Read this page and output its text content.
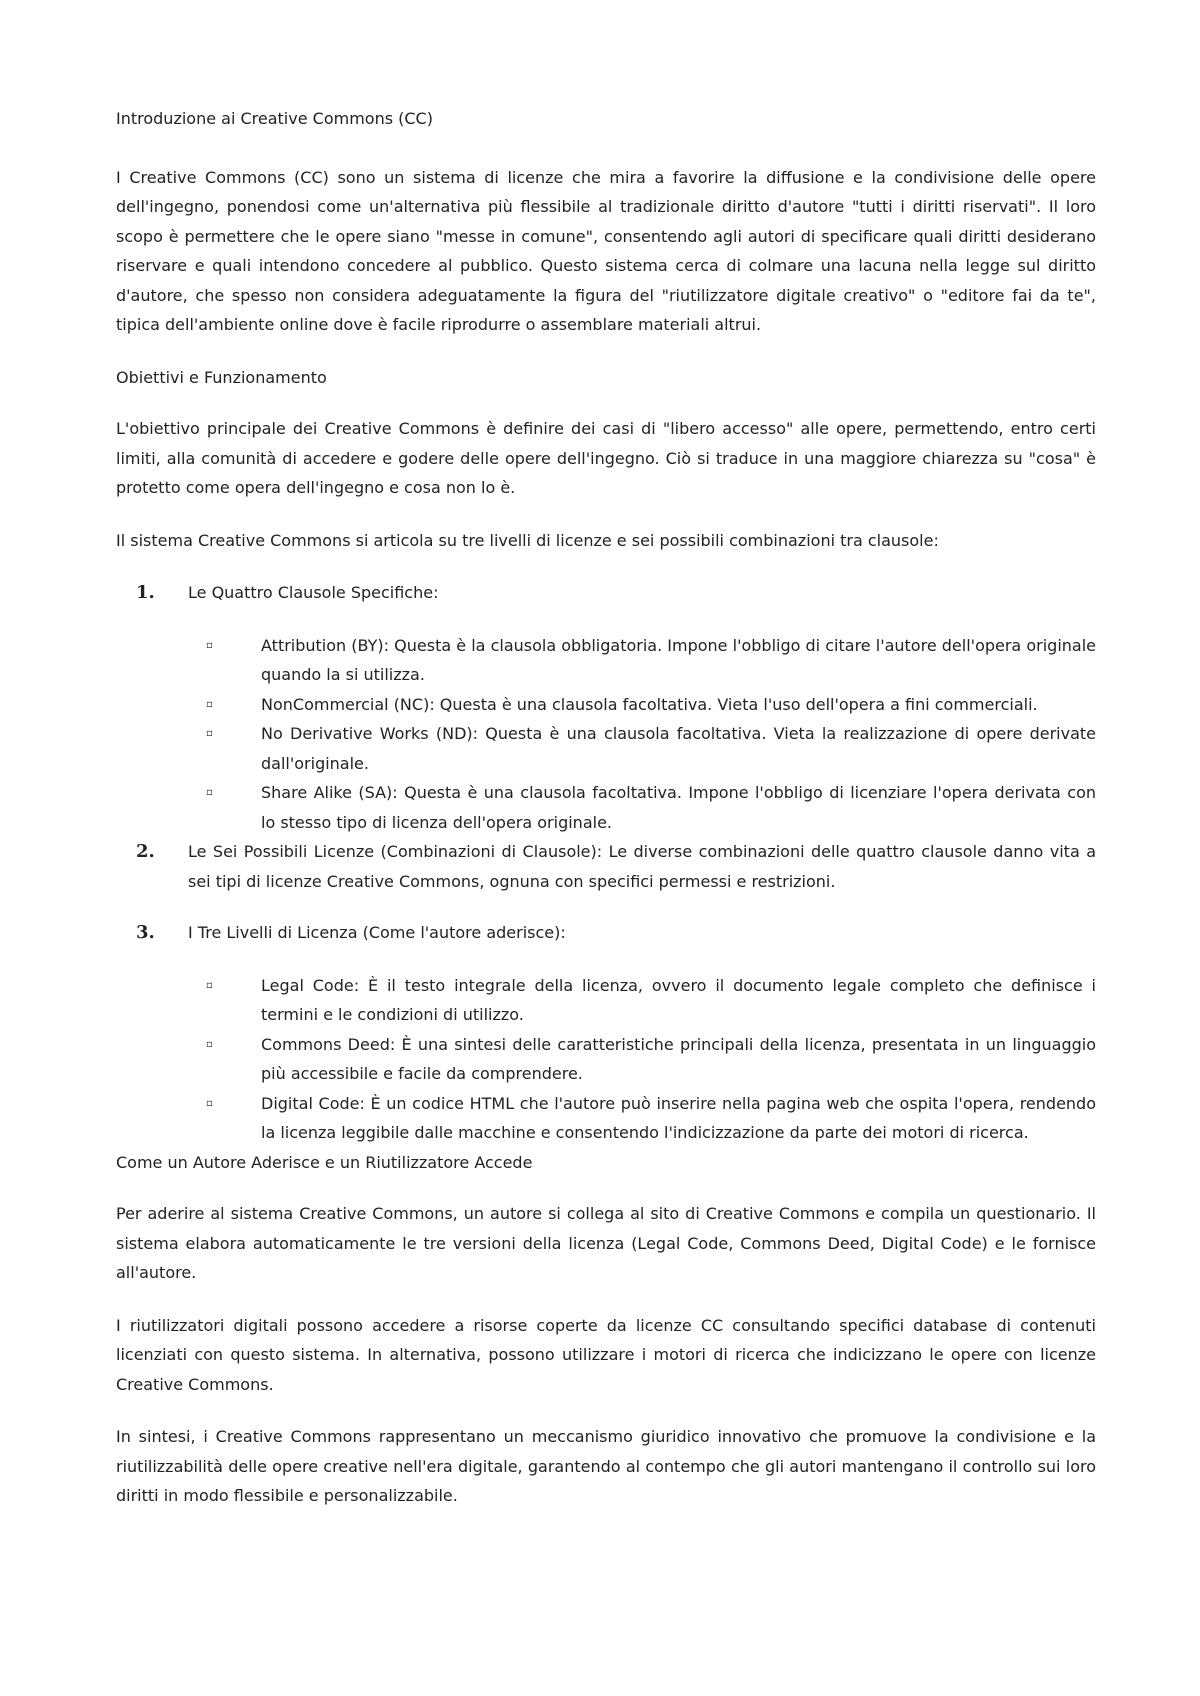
Introduzione ai Creative Commons (CC)

I Creative Commons (CC) sono un sistema di licenze che mira a favorire la diffusione e la condivisione delle opere dell'ingegno, ponendosi come un'alternativa più flessibile al tradizionale diritto d'autore "tutti i diritti riservati". Il loro scopo è permettere che le opere siano "messe in comune", consentendo agli autori di specificare quali diritti desiderano riservare e quali intendono concedere al pubblico. Questo sistema cerca di colmare una lacuna nella legge sul diritto d'autore, che spesso non considera adeguatamente la figura del "riutilizzatore digitale creativo" o "editore fai da te", tipica dell'ambiente online dove è facile riprodurre o assemblare materiali altrui.

Obiettivi e Funzionamento

L'obiettivo principale dei Creative Commons è definire dei casi di "libero accesso" alle opere, permettendo, entro certi limiti, alla comunità di accedere e godere delle opere dell'ingegno. Ciò si traduce in una maggiore chiarezza su "cosa" è protetto come opera dell'ingegno e cosa non lo è.

Il sistema Creative Commons si articola su tre livelli di licenze e sei possibili combinazioni tra clausole:

1. Le Quattro Clausole Specifiche:
▫	Attribution (BY): Questa è la clausola obbligatoria. Impone l'obbligo di citare l'autore dell'opera originale quando la si utilizza.
▫	NonCommercial (NC): Questa è una clausola facoltativa. Vieta l'uso dell'opera a fini commerciali.
▫	No Derivative Works (ND): Questa è una clausola facoltativa. Vieta la realizzazione di opere derivate dall'originale.
▫	Share Alike (SA): Questa è una clausola facoltativa. Impone l'obbligo di licenziare l'opera derivata con lo stesso tipo di licenza dell'opera originale.
2. Le Sei Possibili Licenze (Combinazioni di Clausole): Le diverse combinazioni delle quattro clausole danno vita a sei tipi di licenze Creative Commons, ognuna con specifici permessi e restrizioni.
3. I Tre Livelli di Licenza (Come l'autore aderisce):
▫	Legal Code: È il testo integrale della licenza, ovvero il documento legale completo che definisce i termini e le condizioni di utilizzo.
▫	Commons Deed: È una sintesi delle caratteristiche principali della licenza, presentata in un linguaggio più accessibile e facile da comprendere.
▫	Digital Code: È un codice HTML che l'autore può inserire nella pagina web che ospita l'opera, rendendo la licenza leggibile dalle macchine e consentendo l'indicizzazione da parte dei motori di ricerca.
Come un Autore Aderisce e un Riutilizzatore Accede

Per aderire al sistema Creative Commons, un autore si collega al sito di Creative Commons e compila un questionario. Il sistema elabora automaticamente le tre versioni della licenza (Legal Code, Commons Deed, Digital Code) e le fornisce all'autore.

I riutilizzatori digitali possono accedere a risorse coperte da licenze CC consultando specifici database di contenuti licenziati con questo sistema. In alternativa, possono utilizzare i motori di ricerca che indicizzano le opere con licenze Creative Commons.

In sintesi, i Creative Commons rappresentano un meccanismo giuridico innovativo che promuove la condivisione e la riutilizzabilità delle opere creative nell'era digitale, garantendo al contempo che gli autori mantengano il controllo sui loro diritti in modo flessibile e personalizzabile.
